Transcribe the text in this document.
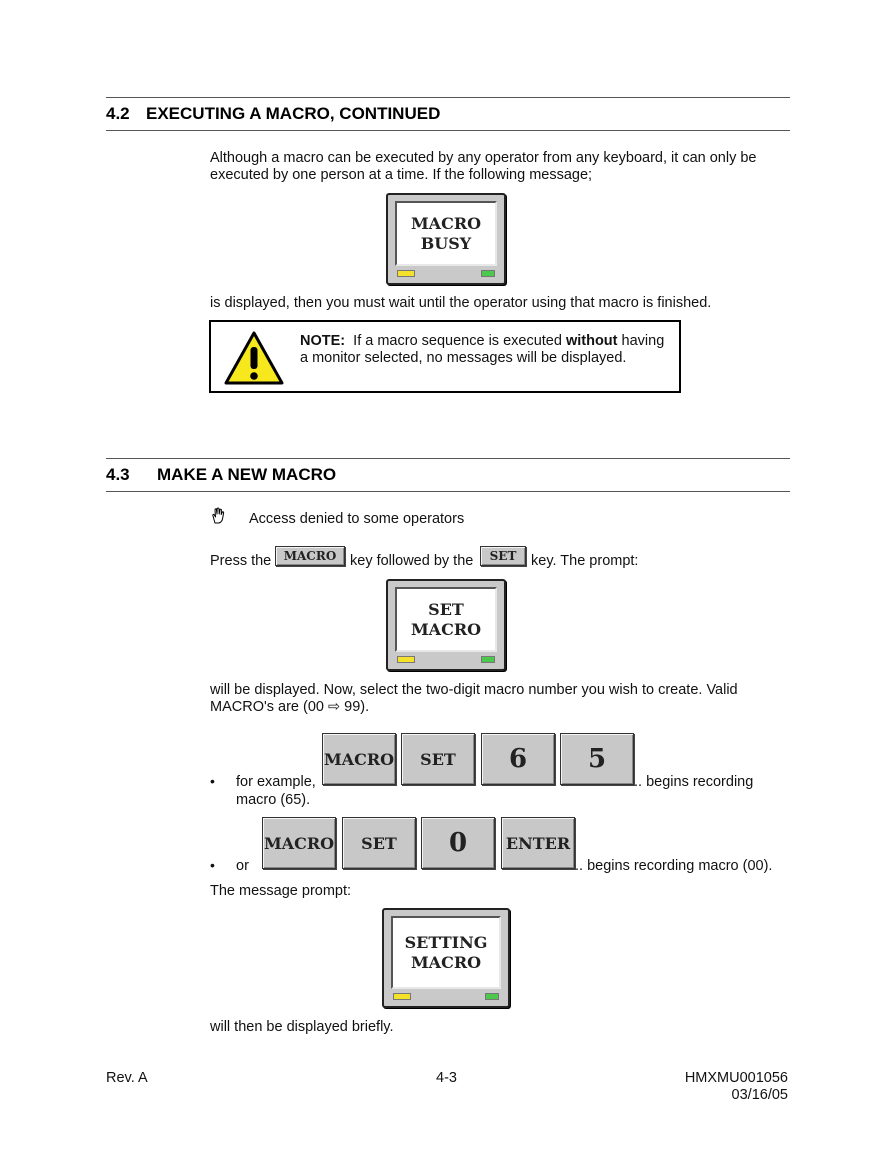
4.2 EXECUTING A MACRO, CONTINUED
Although a macro can be executed by any operator from any keyboard, it can only be
executed by one person at a time. If the following message;
MACRO
BUSY
is displayed, then you must wait until the operator using that macro is finished.
NOTE:  If a macro sequence is executed without having
a monitor selected, no messages will be displayed.
4.3 MAKE A NEW MACRO
Access denied to some operators
Press the	MACRO key followed by the	SET	key. The prompt:
SET
MACRO
will be displayed. Now, select the two-digit macro number you wish to create. Valid
MACRO's are (00 ⇨ 99).
• for example,
MACRO	SET	6	5
.. begins recording
macro (65).
• or
MACRO	SET	0	ENTER
.. begins recording macro (00).
The message prompt:
SETTING
MACRO
will then be displayed briefly.
Rev. A	4-3	HMXMU001056
03/16/05
